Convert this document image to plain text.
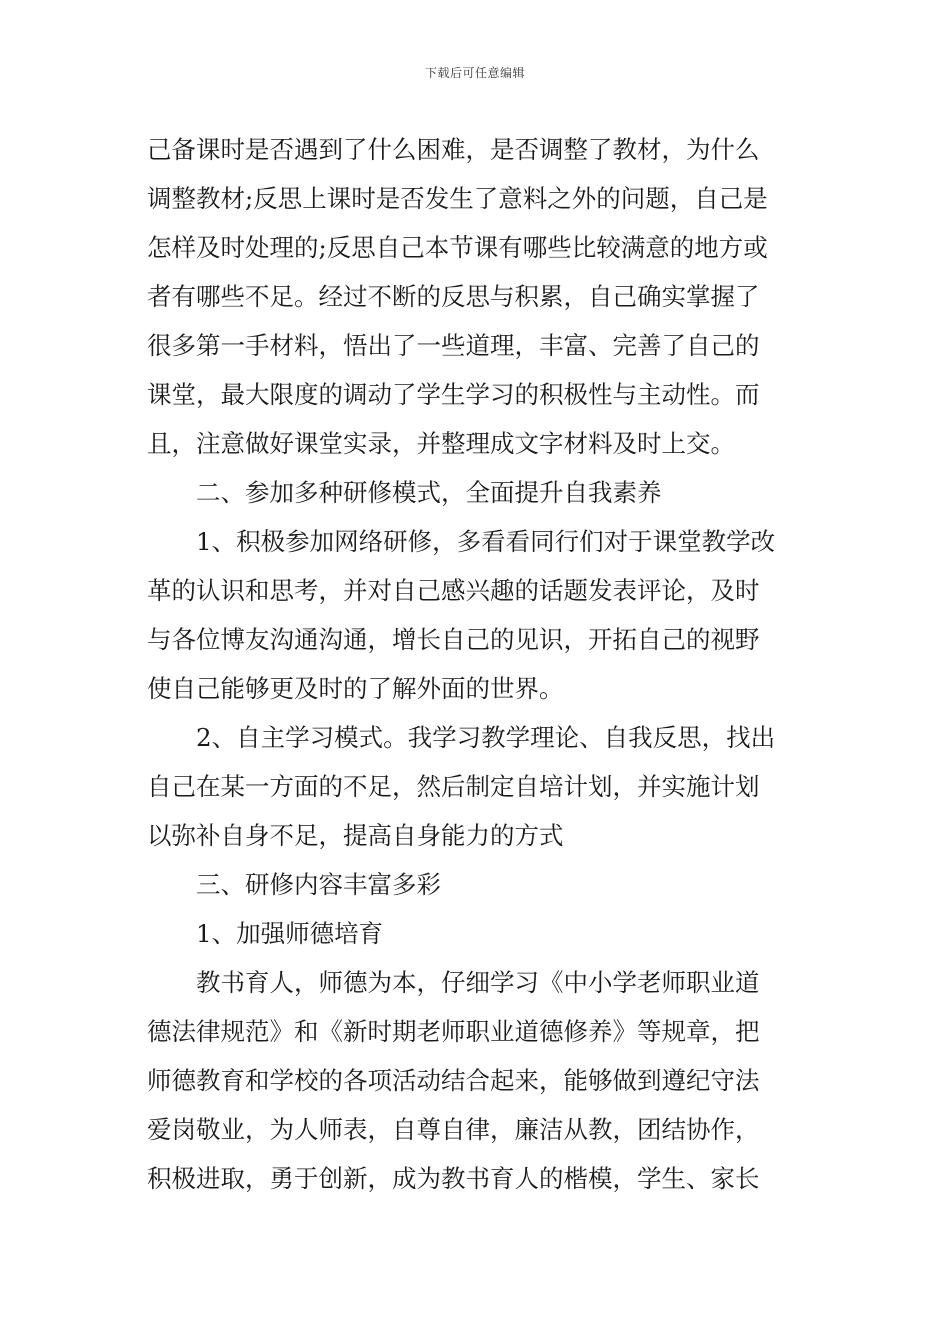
下载后可任意编辑
己备课时是否遇到了什么困难，是否调整了教材，为什么
调整教材;反思上课时是否发生了意料之外的问题，自己是
怎样及时处理的;反思自己本节课有哪些比较满意的地方或
者有哪些不足。经过不断的反思与积累，自己确实掌握了
很多第一手材料，悟出了一些道理，丰富、完善了自己的
课堂，最大限度的调动了学生学习的积极性与主动性。而
且，注意做好课堂实录，并整理成文字材料及时上交。
二、参加多种研修模式，全面提升自我素养
1、积极参加网络研修，多看看同行们对于课堂教学改
革的认识和思考，并对自己感兴趣的话题发表评论，及时
与各位博友沟通沟通，增长自己的见识，开拓自己的视野
使自己能够更及时的了解外面的世界。
2、自主学习模式。我学习教学理论、自我反思，找出
自己在某一方面的不足，然后制定自培计划，并实施计划
以弥补自身不足，提高自身能力的方式
三、研修内容丰富多彩
1、加强师德培育
教书育人，师德为本，仔细学习《中小学老师职业道
德法律规范》和《新时期老师职业道德修养》等规章，把
师德教育和学校的各项活动结合起来，能够做到遵纪守法
爱岗敬业，为人师表，自尊自律，廉洁从教，团结协作，
积极进取，勇于创新，成为教书育人的楷模，学生、家长
